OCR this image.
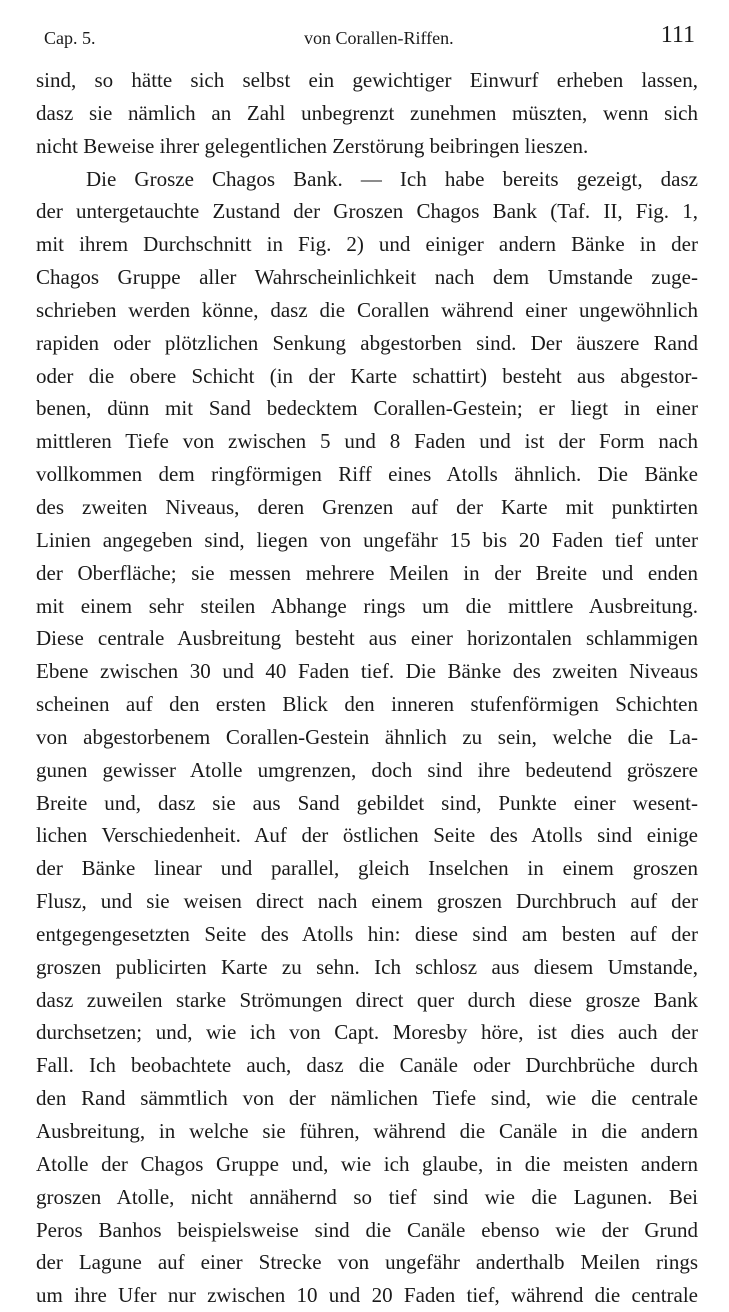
Cap. 5.	von Corallen-Riffen.	111
sind, so hätte sich selbst ein gewichtiger Einwurf erheben lassen,
dasz sie nämlich an Zahl unbegrenzt zunehmen müszten, wenn sich
nicht Beweise ihrer gelegentlichen Zerstörung beibringen lieszen.
Die Grosze Chagos Bank. — Ich habe bereits gezeigt, dasz
der untergetauchte Zustand der Groszen Chagos Bank (Taf. II, Fig. 1,
mit ihrem Durchschnitt in Fig. 2) und einiger andern Bänke in der
Chagos Gruppe aller Wahrscheinlichkeit nach dem Umstande zuge-
schrieben werden könne, dasz die Corallen während einer ungewöhnlich
rapiden oder plötzlichen Senkung abgestorben sind. Der äuszere Rand
oder die obere Schicht (in der Karte schattirt) besteht aus abgestor-
benen, dünn mit Sand bedecktem Corallen-Gestein; er liegt in einer
mittleren Tiefe von zwischen 5 und 8 Faden und ist der Form nach
vollkommen dem ringförmigen Riff eines Atolls ähnlich. Die Bänke
des zweiten Niveaus, deren Grenzen auf der Karte mit punktirten
Linien angegeben sind, liegen von ungefähr 15 bis 20 Faden tief unter
der Oberfläche; sie messen mehrere Meilen in der Breite und enden
mit einem sehr steilen Abhange rings um die mittlere Ausbreitung.
Diese centrale Ausbreitung besteht aus einer horizontalen schlammigen
Ebene zwischen 30 und 40 Faden tief. Die Bänke des zweiten Niveaus
scheinen auf den ersten Blick den inneren stufenförmigen Schichten
von abgestorbenem Corallen-Gestein ähnlich zu sein, welche die La-
gunen gewisser Atolle umgrenzen, doch sind ihre bedeutend gröszere
Breite und, dasz sie aus Sand gebildet sind, Punkte einer wesent-
lichen Verschiedenheit. Auf der östlichen Seite des Atolls sind einige
der Bänke linear und parallel, gleich Inselchen in einem groszen
Flusz, und sie weisen direct nach einem groszen Durchbruch auf der
entgegengesetzten Seite des Atolls hin: diese sind am besten auf der
groszen publicirten Karte zu sehn. Ich schlosz aus diesem Umstande,
dasz zuweilen starke Strömungen direct quer durch diese grosze Bank
durchsetzen; und, wie ich von Capt. Moresby höre, ist dies auch der
Fall. Ich beobachtete auch, dasz die Canäle oder Durchbrüche durch
den Rand sämmtlich von der nämlichen Tiefe sind, wie die centrale
Ausbreitung, in welche sie führen, während die Canäle in die andern
Atolle der Chagos Gruppe und, wie ich glaube, in die meisten andern
groszen Atolle, nicht annähernd so tief sind wie die Lagunen. Bei
Peros Banhos beispielsweise sind die Canäle ebenso wie der Grund
der Lagune auf einer Strecke von ungefähr anderthalb Meilen rings
um ihre Ufer nur zwischen 10 und 20 Faden tief, während die centrale
